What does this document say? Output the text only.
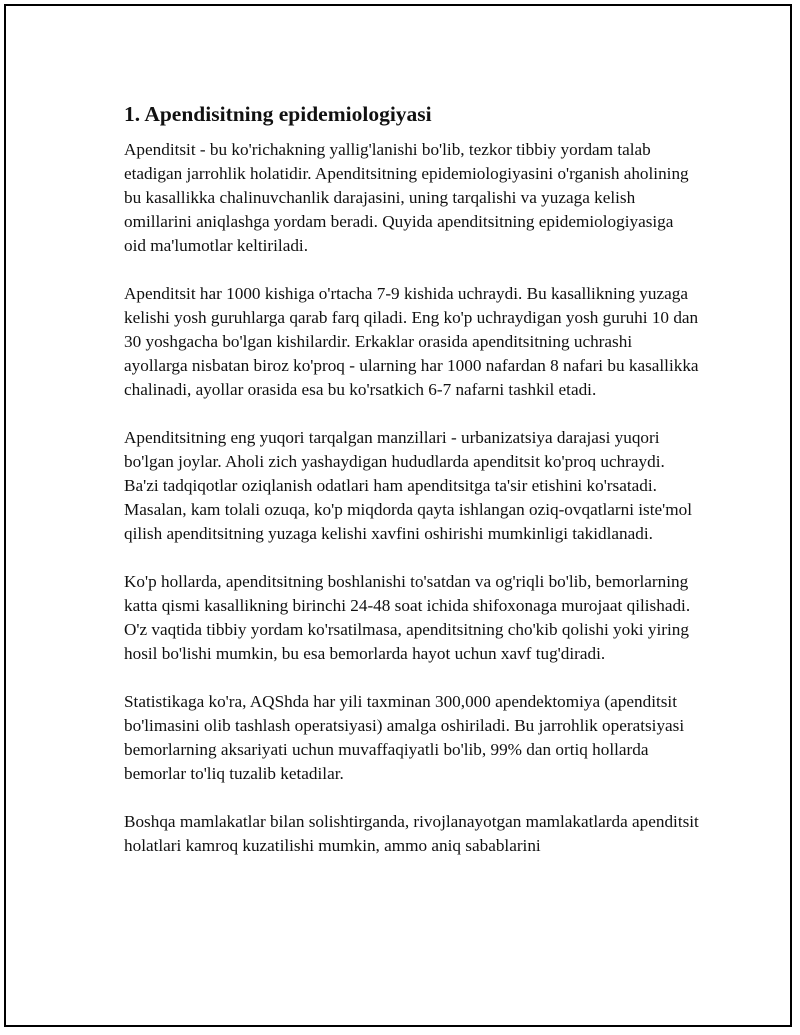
1. Apendisitning epidemiologiyasi

Apenditsit - bu ko'richakning yallig'lanishi bo'lib, tezkor tibbiy yordam talab etadigan jarrohlik holatidir. Apenditsitning epidemiologiyasini o'rganish aholining bu kasallikka chalinuvchanlik darajasini, uning tarqalishi va yuzaga kelish omillarini aniqlashga yordam beradi. Quyida apenditsitning epidemiologiyasiga oid ma'lumotlar keltiriladi.

Apenditsit har 1000 kishiga o'rtacha 7-9 kishida uchraydi. Bu kasallikning yuzaga kelishi yosh guruhlarga qarab farq qiladi. Eng ko'p uchraydigan yosh guruhi 10 dan 30 yoshgacha bo'lgan kishilardir. Erkaklar orasida apenditsitning uchrashi ayollarga nisbatan biroz ko'proq - ularning har 1000 nafardan 8 nafari bu kasallikka chalinadi, ayollar orasida esa bu ko'rsatkich 6-7 nafarni tashkil etadi.

Apenditsitning eng yuqori tarqalgan manzillari - urbanizatsiya darajasi yuqori bo'lgan joylar. Aholi zich yashaydigan hududlarda apenditsit ko'proq uchraydi. Ba'zi tadqiqotlar oziqlanish odatlari ham apenditsitga ta'sir etishini ko'rsatadi. Masalan, kam tolali ozuqa, ko'p miqdorda qayta ishlangan oziq-ovqatlarni iste'mol qilish apenditsitning yuzaga kelishi xavfini oshirishi mumkinligi takidlanadi.

Ko'p hollarda, apenditsitning boshlanishi to'satdan va og'riqli bo'lib, bemorlarning katta qismi kasallikning birinchi 24-48 soat ichida shifoxonaga murojaat qilishadi. O'z vaqtida tibbiy yordam ko'rsatilmasa, apenditsitning cho'kib qolishi yoki yiring hosil bo'lishi mumkin, bu esa bemorlarda hayot uchun xavf tug'diradi.

Statistikaga ko'ra, AQShda har yili taxminan 300,000 apendektomiya (apenditsit bo'limasini olib tashlash operatsiyasi) amalga oshiriladi. Bu jarrohlik operatsiyasi bemorlarning aksariyati uchun muvaffaqiyatli bo'lib, 99% dan ortiq hollarda bemorlar to'liq tuzalib ketadilar.

Boshqa mamlakatlar bilan solishtirganda, rivojlanayotgan mamlakatlarda apenditsit holatlari kamroq kuzatilishi mumkin, ammo aniq sabablarini
